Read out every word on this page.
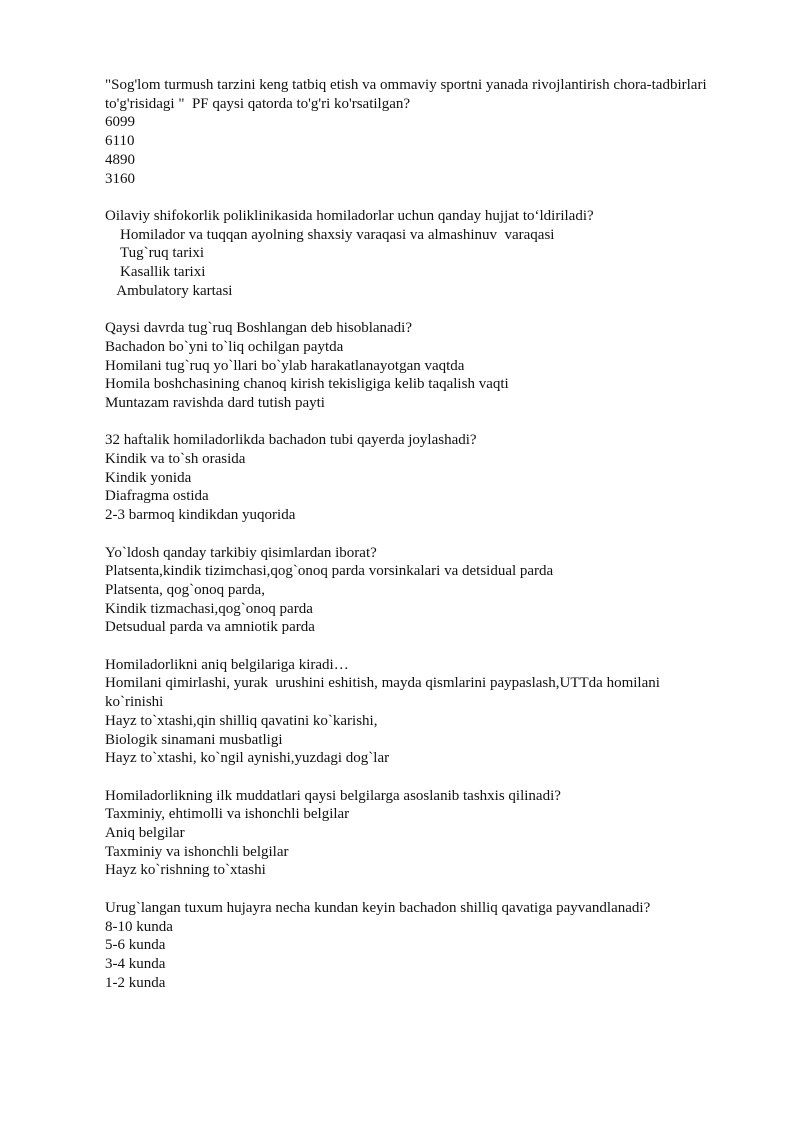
"Sog'lom turmush tarzini keng tatbiq etish va ommaviy sportni yanada rivojlantirish chora-tadbirlari to'g'risidagi "  PF qaysi qatorda to'g'ri ko'rsatilgan?
6099
6110
4890
3160
Oilaviy shifokorlik poliklinikasida homiladorlar uchun qanday hujjat to‘ldiriladi?
Homilador va tuqqan ayolning shaxsiy varaqasi va almashinuv  varaqasi
Tug`ruq tarixi
Kasallik tarixi
Ambulatory kartasi
Qaysi davrda tug`ruq Boshlangan deb hisoblanadi?
Bachadon bo`yni to`liq ochilgan paytda
Homilani tug`ruq yo`llari bo`ylab harakatlanayotgan vaqtda
Homila boshchasining chanoq kirish tekisligiga kelib taqalish vaqti
Muntazam ravishda dard tutish payti
32 haftalik homiladorlikda bachadon tubi qayerda joylashadi?
Kindik va to`sh orasida
Kindik yonida
Diafragma ostida
2-3 barmoq kindikdan yuqorida
Yo`ldosh qanday tarkibiy qisimlardan iborat?
Platsenta,kindik tizimchasi,qog`onoq parda vorsinkalari va detsidual parda
Platsenta, qog`onoq parda,
Kindik tizmachasi,qog`onoq parda
Detsudual parda va amniotik parda
Homiladorlikni aniq belgilariga kiradi…
Homilani qimirlashi, yurak  urushini eshitish, mayda qismlarini paypaslash,UTTda homilani ko`rinishi
Hayz to`xtashi,qin shilliq qavatini ko`karishi,
Biologik sinamani musbatligi
Hayz to`xtashi, ko`ngil aynishi,yuzdagi dog`lar
Homiladorlikning ilk muddatlari qaysi belgilarga asoslanib tashxis qilinadi?
Taxminiy, ehtimolli va ishonchli belgilar
Aniq belgilar
Taxminiy va ishonchli belgilar
Hayz ko`rishning to`xtashi
Urug`langan tuxum hujayra necha kundan keyin bachadon shilliq qavatiga payvandlanadi?
8-10 kunda
5-6 kunda
3-4 kunda
1-2 kunda
